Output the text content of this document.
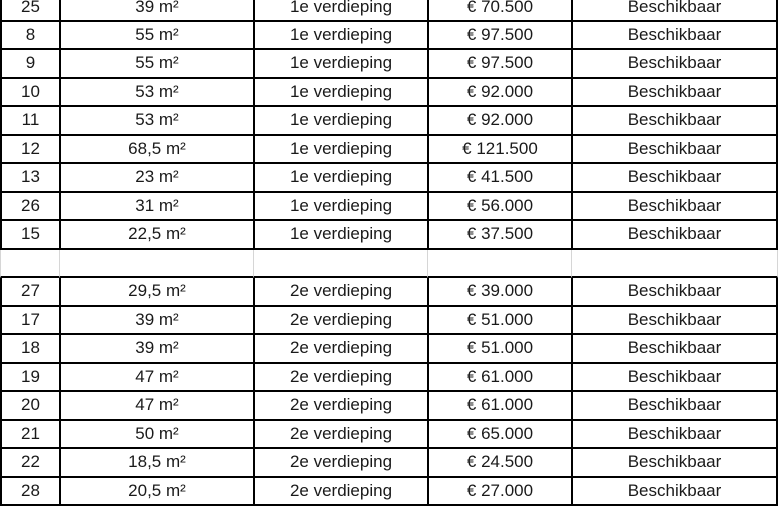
25	39 m²	1e verdieping	€ 70.500	Beschikbaar
8	55 m²	1e verdieping	€ 97.500	Beschikbaar
9	55 m²	1e verdieping	€ 97.500	Beschikbaar
10	53 m²	1e verdieping	€ 92.000	Beschikbaar
11	53 m²	1e verdieping	€ 92.000	Beschikbaar
12	68,5 m²	1e verdieping	€ 121.500	Beschikbaar
13	23 m²	1e verdieping	€ 41.500	Beschikbaar
26	31 m²	1e verdieping	€ 56.000	Beschikbaar
15	22,5 m²	1e verdieping	€ 37.500	Beschikbaar
27	29,5 m²	2e verdieping	€ 39.000	Beschikbaar
17	39 m²	2e verdieping	€ 51.000	Beschikbaar
18	39 m²	2e verdieping	€ 51.000	Beschikbaar
19	47 m²	2e verdieping	€ 61.000	Beschikbaar
20	47 m²	2e verdieping	€ 61.000	Beschikbaar
21	50 m²	2e verdieping	€ 65.000	Beschikbaar
22	18,5 m²	2e verdieping	€ 24.500	Beschikbaar
28	20,5 m²	2e verdieping	€ 27.000	Beschikbaar
